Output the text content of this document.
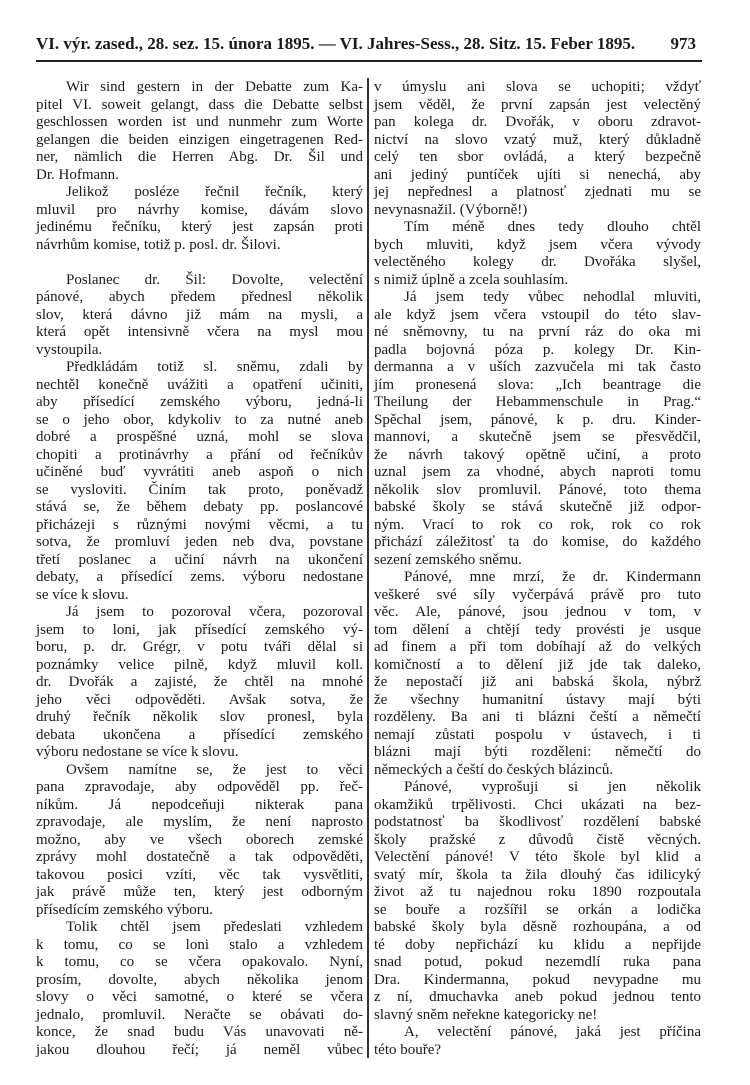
VI. výr. zased., 28. sez. 15. února 1895. — VI. Jahres-Sess., 28. Sitz. 15. Feber 1895. 973
Wir sind gestern in der Debatte zum Ka-
pitel VI. soweit gelangt, dass die Debatte selbst
geschlossen worden ist und nunmehr zum Worte
gelangen die beiden einzigen eingetragenen Red-
ner, nämlich die Herren Abg. Dr. Šil und
Dr. Hofmann.
Jelikož posléze řečnil řečník, který
mluvil pro návrhy komise, dávám slovo
jedinému řečníku, který jest zapsán proti
návrhům komise, totiž p. posl. dr. Šilovi.
Poslanec dr. Šil: Dovolte, velectění
pánové, abych předem přednesl několik
slov, která dávno již mám na mysli, a
která opět intensivně včera na mysl mou
vystoupila.
Předkládám totiž sl. sněmu, zdali by
nechtěl konečně uvážiti a opatření učiniti,
aby přísedící zemského výboru, jedná-li
se o jeho obor, kdykoliv to za nutné aneb
dobré a prospěšné uzná, mohl se slova
chopiti a protinávrhy a přání od řečníkův
učiněné buď vyvrátiti aneb aspoň o nich
se vysloviti. Činím tak proto, poněvadž
stává se, že během debaty pp. poslancové
přicházeji s různými novými věcmi, a tu
sotva, že promluví jeden neb dva, povstane
třetí poslanec a učiní návrh na ukončení
debaty, a přísedící zems. výboru nedostane
se více k slovu.
Já jsem to pozoroval včera, pozoroval
jsem to loni, jak přísedící zemského vý-
boru, p. dr. Grégr, v potu tváři dělal si
poznámky velice pilně, když mluvil koll.
dr. Dvořák a zajisté, že chtěl na mnohé
jeho věci odpověděti. Avšak sotva, že
druhý řečník několik slov pronesl, byla
debata ukončena a přísedící zemského
výboru nedostane se více k slovu.
Ovšem namítne se, že jest to věci
pana zpravodaje, aby odpověděl pp. řeč-
níkům. Já nepodceňuji nikterak pana
zpravodaje, ale myslím, že není naprosto
možno, aby ve všech oborech zemské
zprávy mohl dostatečně a tak odpověděti,
takovou posici vzíti, věc tak vysvětliti,
jak právě může ten, který jest odborným
přísedícím zemského výboru.
Tolik chtěl jsem předeslati vzhledem
k tomu, co se loni stalo a vzhledem
k tomu, co se včera opakovalo. Nyní,
prosím, dovolte, abych několika jenom
slovy o věci samotné, o které se včera
jednalo, promluvil. Neračte se obávati do-
konce, že snad budu Vás unavovati ně-
jakou dlouhou řečí; já neměl vůbec
v úmyslu ani slova se uchopiti; vždyť
jsem věděl, že první zapsán jest velectěný
pan kolega dr. Dvořák, v oboru zdravot-
nictví na slovo vzatý muž, který důkladně
celý ten sbor ovládá, a který bezpečně
ani jediný puntíček ujíti si nenechá, aby
jej nepřednesl a platnosť zjednati mu se
nevynasnažil. (Výborně!)
Tím méně dnes tedy dlouho chtěl
bych mluviti, když jsem včera vývody
velectěného kolegy dr. Dvořáka slyšel,
s nimiž úplně a zcela souhlasím.
Já jsem tedy vůbec nehodlal mluviti,
ale když jsem včera vstoupil do této slav-
né sněmovny, tu na první ráz do oka mi
padla bojovná póza p. kolegy Dr. Kin-
dermanna a v uších zazvučela mi tak často
jím pronesená slova: „Ich beantrage die
Theilung der Hebammenschule in Prag.“
Spěchal jsem, pánové, k p. dru. Kinder-
mannovi, a skutečně jsem se přesvědčil,
že návrh takový opětně učiní, a proto
uznal jsem za vhodné, abych naproti tomu
několik slov promluvil. Pánové, toto thema
babské školy se stává skutečně již odpor-
ným. Vrací to rok co rok, rok co rok
přichází záležitosť ta do komise, do každého
sezení zemského sněmu.
Pánové, mne mrzí, že dr. Kindermann
veškeré své síly vyčerpává právě pro tuto
věc. Ale, pánové, jsou jednou v tom, v
tom dělení a chtějí tedy provésti je usque
ad finem a při tom dobíhají až do velkých
komičností a to dělení již jde tak daleko,
že nepostačí již ani babská škola, nýbrž
že všechny humanitní ústavy mají býti
rozděleny. Ba ani ti blázni čeští a němečtí
nemají zůstati pospolu v ústavech, i ti
blázni mají býti rozděleni: němečtí do
německých a čeští do českých blázinců.
Pánové, vyprošuji si jen několik
okamžiků trpělivosti. Chci ukázati na bez-
podstatnosť ba škodlivosť rozdělení babské
školy pražské z důvodů čistě věcných.
Velectění pánové! V této škole byl klid a
svatý mír, škola ta žila dlouhý čas idilicyký
život až tu najednou roku 1890 rozpoutala
se bouře a rozšířil se orkán a lodička
babské školy byla děsně rozhoupána, a od
té doby nepřichází ku klidu a nepřijde
snad potud, pokud nezemdlí ruka pana
Dra. Kindermanna, pokud nevypadne mu
z ní, dmuchavka aneb pokud jednou tento
slavný sněm neřekne kategoricky ne!
A, velectění pánové, jaká jest příčina
této bouře?
